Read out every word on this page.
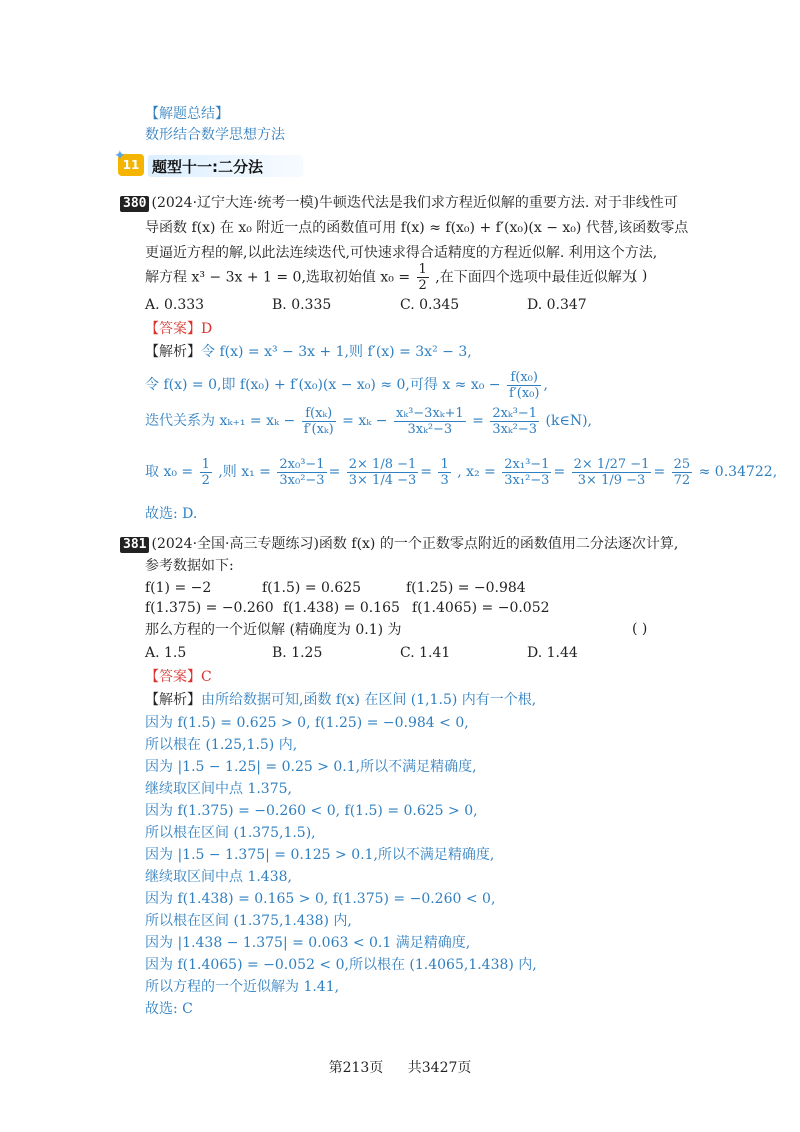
【解题总结】
数形结合数学思想方法
11
✦
题型十一:二分法
380 (2024·辽宁大连·统考一模)牛顿迭代法是我们求方程近似解的重要方法. 对于非线性可
导函数 f(x) 在 x₀ 附近一点的函数值可用 f(x) ≈ f(x₀) + f′(x₀)(x − x₀) 代替,该函数零点
更逼近方程的解,以此法连续迭代,可快速求得合适精度的方程近似解. 利用这个方法,
解方程 x³ − 3x + 1 = 0,选取初始值 $x_0 = \frac{1}{2}$ ,在下面四个选项中最佳近似解为
( )
A. 0.333	B. 0.335	C. 0.345	D. 0.347
【答案】D
【解析】令 f(x) = x³ − 3x + 1,则 f′(x) = 3x² − 3,
令 f(x) = 0,即 f(x₀) + f′(x₀)(x − x₀) ≈ 0,可得 $x \approx x_0 - \frac{\text{f(x₀)}}{\text{f′(x₀)}}$ ,
迭代关系为 $x_{k+1} = x_k - \frac{\text{f(xₖ)}}{\text{f′(xₖ)}} = x_k - \frac{\text{xₖ³−3xₖ+1}}{\text{3xₖ²−3}} = \frac{\text{2xₖ³−1}}{\text{3xₖ²−3}}$ (k∈N),
取 $x_0 = \frac{1}{2}$ ,则 $x_1 = \frac{\text{2x₀³−1}}{\text{3x₀²−3}} = \frac{2\times 1/8 -1}{3\times 1/4 -3} = \frac{1}{3}$ , $x_2 = \frac{\text{2x₁³−1}}{\text{3x₁²−3}} = \frac{2\times 1/27 -1}{3\times 1/9 -3} = \frac{25}{72} \approx 0.34722$,
故选: D.
381 (2024·全国·高三专题练习)函数 f(x) 的一个正数零点附近的函数值用二分法逐次计算,
参考数据如下:
f(1) = −2	f(1.5) = 0.625	f(1.25) = −0.984
f(1.375) = −0.260 f(1.438) = 0.165 f(1.4065) = −0.052
那么方程的一个近似解 (精确度为 0.1) 为	( )
A. 1.5	B. 1.25	C. 1.41	D. 1.44
【答案】C
【解析】由所给数据可知,函数 f(x) 在区间 (1,1.5) 内有一个根,
因为 f(1.5) = 0.625 > 0, f(1.25) = −0.984 < 0,
所以根在 (1.25,1.5) 内,
因为 |1.5 − 1.25| = 0.25 > 0.1,所以不满足精确度,
继续取区间中点 1.375,
因为 f(1.375) = −0.260 < 0, f(1.5) = 0.625 > 0,
所以根在区间 (1.375,1.5),
因为 |1.5 − 1.375| = 0.125 > 0.1,所以不满足精确度,
继续取区间中点 1.438,
因为 f(1.438) = 0.165 > 0, f(1.375) = −0.260 < 0,
所以根在区间 (1.375,1.438) 内,
因为 |1.438 − 1.375| = 0.063 < 0.1 满足精确度,
因为 f(1.4065) = −0.052 < 0,所以根在 (1.4065,1.438) 内,
所以方程的一个近似解为 1.41,
故选: C
第213页 共3427页
